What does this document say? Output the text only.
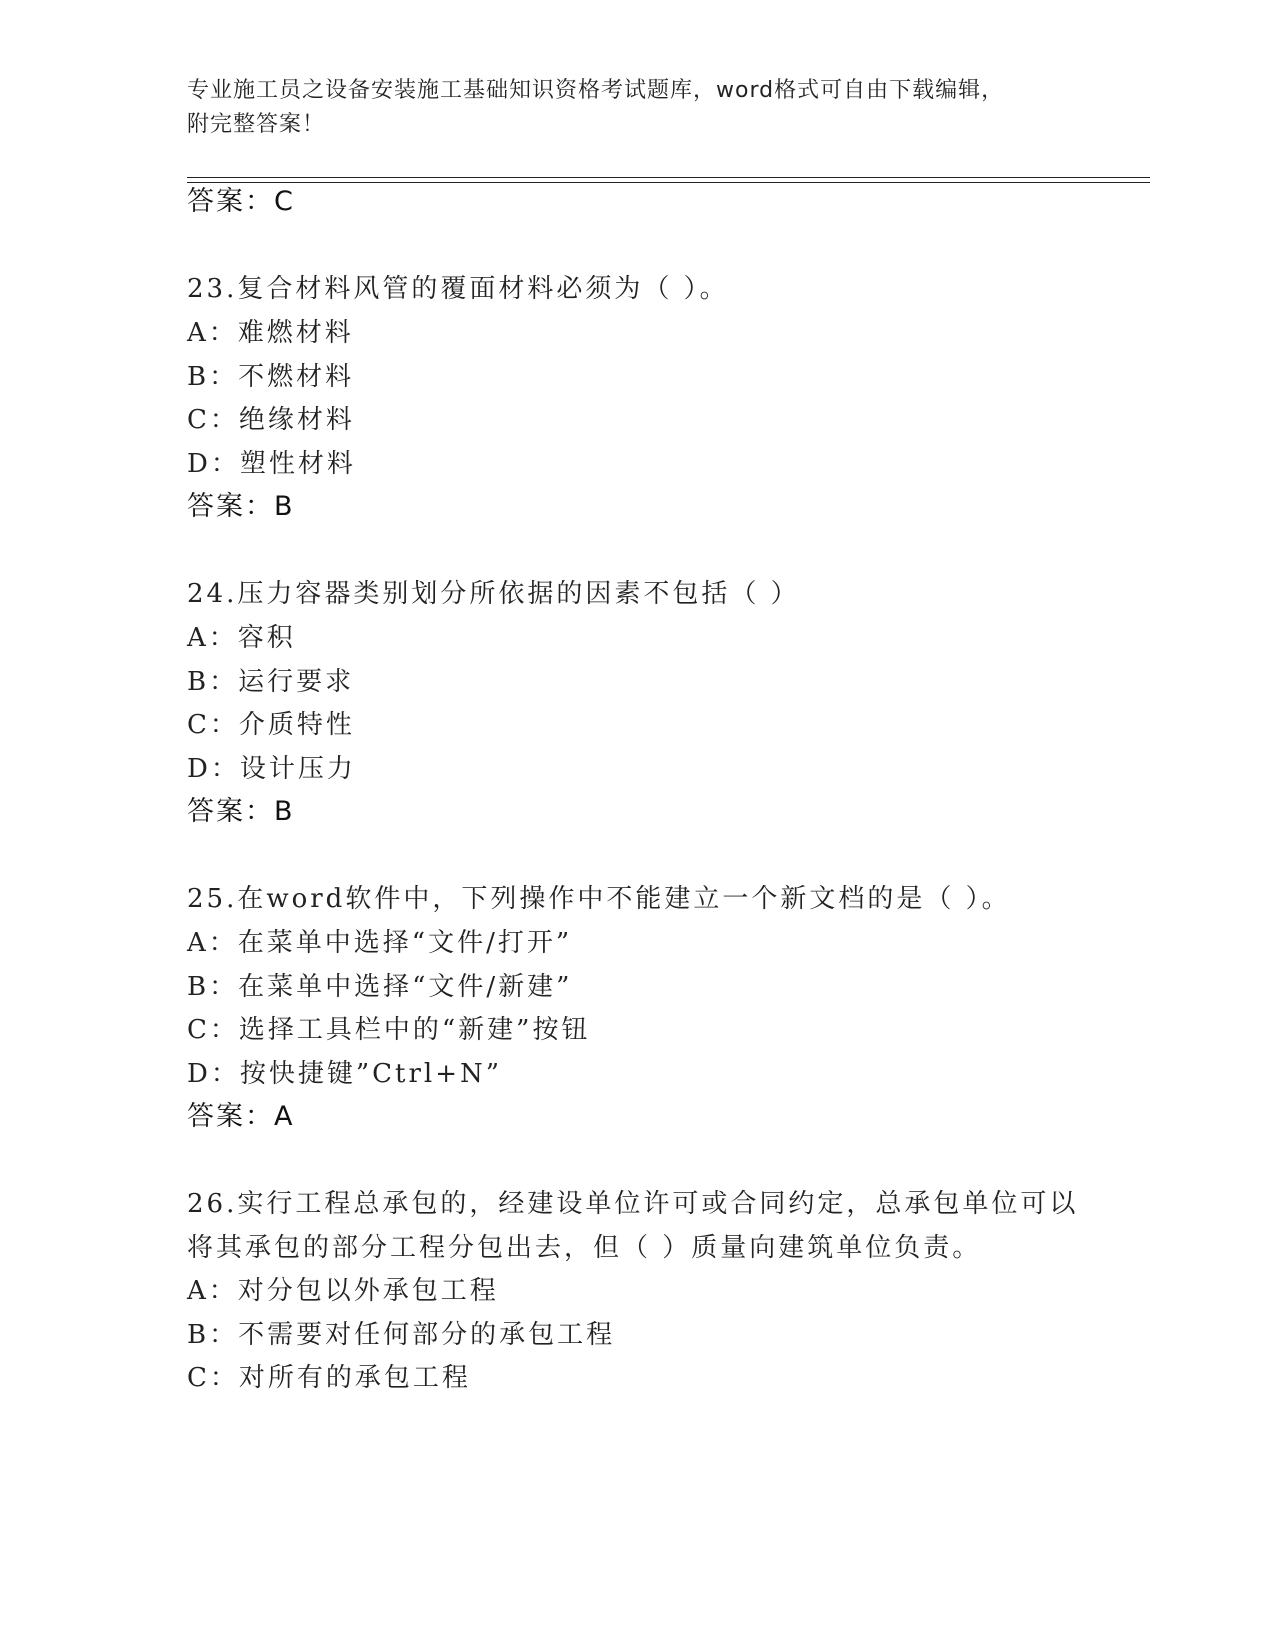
专业施工员之设备安装施工基础知识资格考试题库，word格式可自由下载编辑，
附完整答案！
答案：C
23.复合材料风管的覆面材料必须为（ ）。
A：难燃材料
B：不燃材料
C：绝缘材料
D：塑性材料
答案：B
24.压力容器类别划分所依据的因素不包括（ ）
A：容积
B：运行要求
C：介质特性
D：设计压力
答案：B
25.在word软件中，下列操作中不能建立一个新文档的是（ ）。
A：在菜单中选择“文件/打开”
B：在菜单中选择“文件/新建”
C：选择工具栏中的“新建”按钮
D：按快捷键”Ctrl+N”
答案：A
26.实行工程总承包的，经建设单位许可或合同约定，总承包单位可以
将其承包的部分工程分包出去，但（ ）质量向建筑单位负责。
A：对分包以外承包工程
B：不需要对任何部分的承包工程
C：对所有的承包工程
